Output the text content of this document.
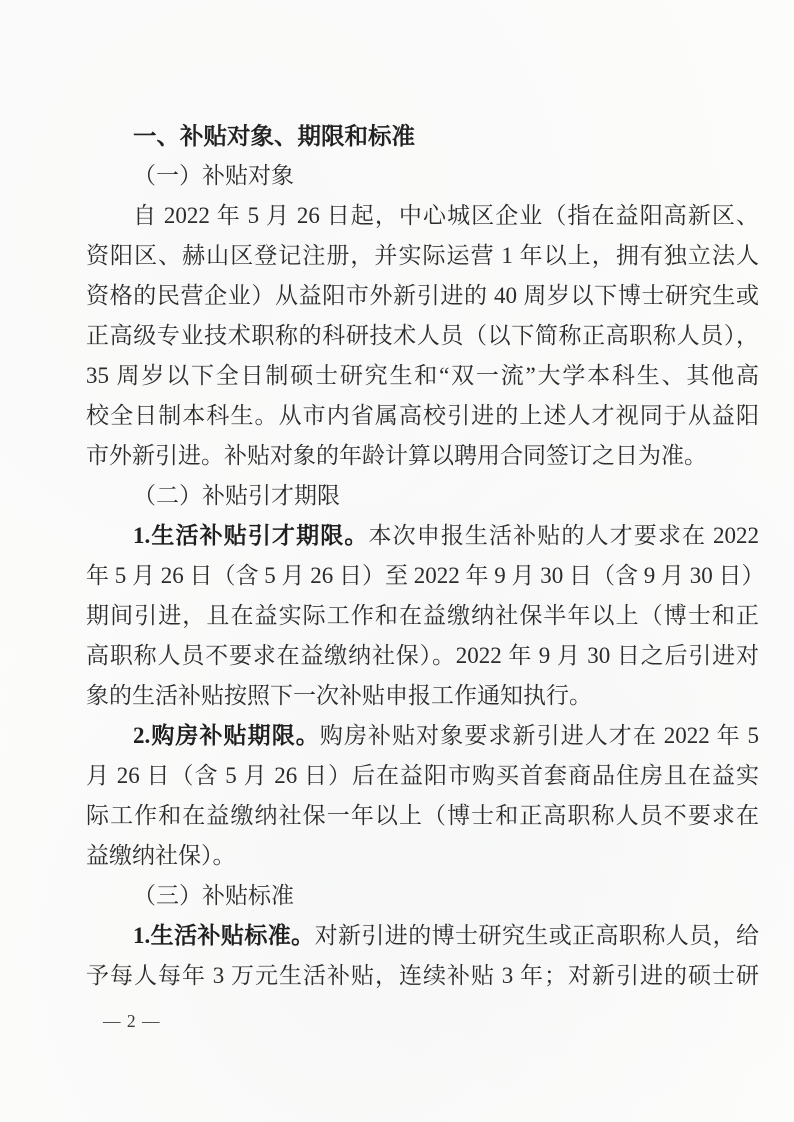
一、补贴对象、期限和标准
（一）补贴对象
自 2022 年 5 月 26 日起，中心城区企业（指在益阳高新区、
资阳区、赫山区登记注册，并实际运营 1 年以上，拥有独立法人
资格的民营企业）从益阳市外新引进的 40 周岁以下博士研究生或
正高级专业技术职称的科研技术人员（以下简称正高职称人员），
35 周岁以下全日制硕士研究生和“双一流”大学本科生、其他高
校全日制本科生。从市内省属高校引进的上述人才视同于从益阳
市外新引进。补贴对象的年龄计算以聘用合同签订之日为准。
（二）补贴引才期限
1.生活补贴引才期限。本次申报生活补贴的人才要求在 2022
年 5 月 26 日（含 5 月 26 日）至 2022 年 9 月 30 日（含 9 月 30 日）
期间引进，且在益实际工作和在益缴纳社保半年以上（博士和正
高职称人员不要求在益缴纳社保）。2022 年 9 月 30 日之后引进对
象的生活补贴按照下一次补贴申报工作通知执行。
2.购房补贴期限。购房补贴对象要求新引进人才在 2022 年 5
月 26 日（含 5 月 26 日）后在益阳市购买首套商品住房且在益实
际工作和在益缴纳社保一年以上（博士和正高职称人员不要求在
益缴纳社保）。
（三）补贴标准
1.生活补贴标准。对新引进的博士研究生或正高职称人员，给
予每人每年 3 万元生活补贴，连续补贴 3 年；对新引进的硕士研
— 2 —
